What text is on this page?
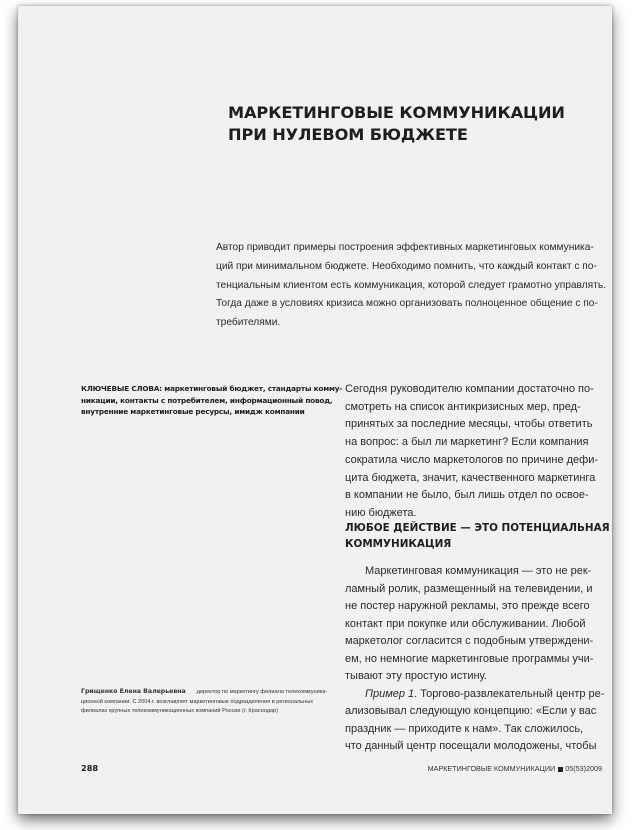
МАРКЕТИНГОВЫЕ КОММУНИКАЦИИ
ПРИ НУЛЕВОМ БЮДЖЕТЕ
Автор приводит примеры построения эффективных маркетинговых коммуника-
ций при минимальном бюджете. Необходимо помнить, что каждый контакт с по-
тенциальным клиентом есть коммуникация, которой следует грамотно управлять.
Тогда даже в условиях кризиса можно организовать полноценное общение с по-
требителями.
КЛЮЧЕВЫЕ СЛОВА: маркетинговый бюджет, стандарты комму-
никации, контакты с потребителем, информационный повод,
внутренние маркетинговые ресурсы, имидж компании
Сегодня руководителю компании достаточно по-
смотреть на список антикризисных мер, пред-
принятых за последние месяцы, чтобы ответить
на вопрос: а был ли маркетинг? Если компания
сократила число маркетологов по причине дефи-
цита бюджета, значит, качественного маркетинга
в компании не было, был лишь отдел по освое-
нию бюджета.
ЛЮБОЕ ДЕЙСТВИЕ — ЭТО ПОТЕНЦИАЛЬНАЯ
КОММУНИКАЦИЯ
Маркетинговая коммуникация — это не рек-
ламный ролик, размещенный на телевидении, и
не постер наружной рекламы, это прежде всего
контакт при покупке или обслуживании. Любой
маркетолог согласится с подобным утверждени-
ем, но немногие маркетинговые программы учи-
тывают эту простую истину.
Пример 1. Торгово-развлекательный центр ре-
ализовывал следующую концепцию: «Если у вас
праздник — приходите к нам». Так сложилось,
что данный центр посещали молодожены, чтобы
Грищенко Елена Валерьевна директор по маркетингу филиала телекоммуника-
ционной компании. С 2004 г. возглавляет маркетинговые подразделения в региональных
филиалах крупных телекоммуникационных компаний России (г. Краснодар)
288	МАРКЕТИНГОВЫЕ КОММУНИКАЦИИ 05(53)2009
